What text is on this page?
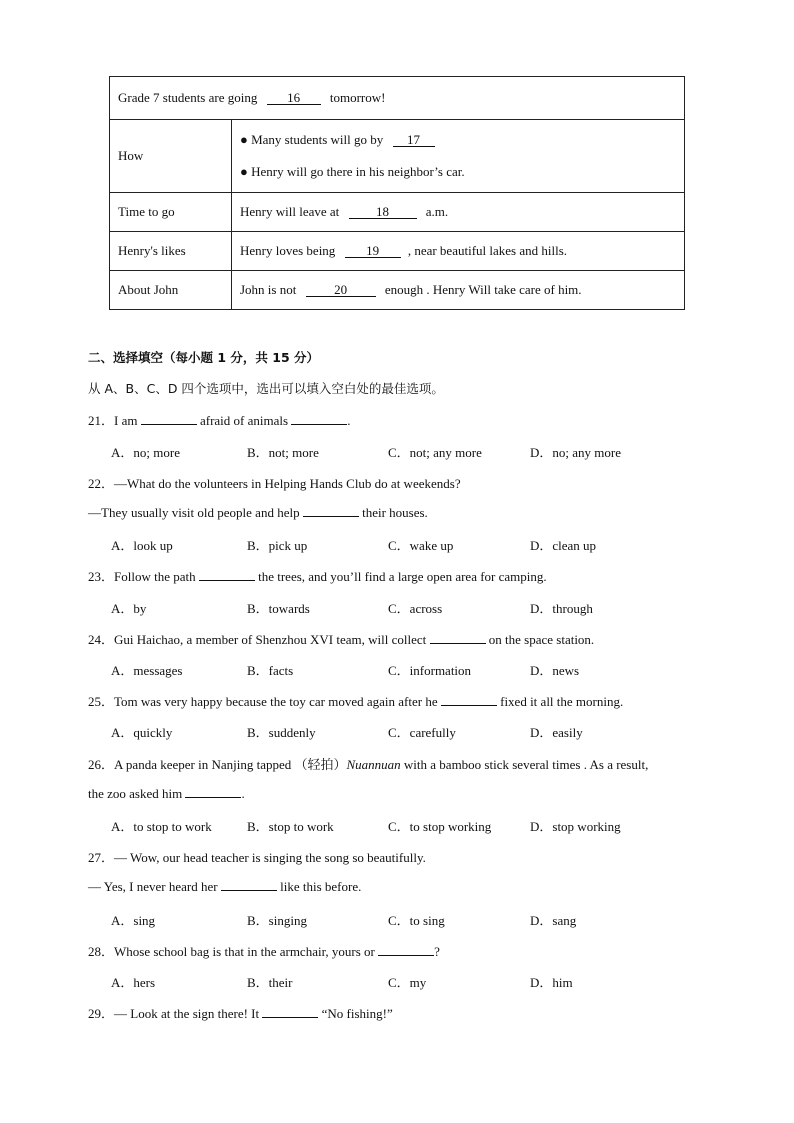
Grade 7 students are going 16 tomorrow!	
How	● Many students will go by 17
● Henry will go there in his neighbor’s car.

Time to go	Henry will leave at 18 a.m.
Henry's likes	Henry loves being 19 , near beautiful lakes and hills.
About John	John is not 20 enough . Henry Will take care of him.
二、选择填空（每小题 1 分，共 15 分）
从 A、B、C、D 四个选项中，选出可以填入空白处的最佳选项。
21．I am	afraid of animals	.
A．no; more	B．not; more	C．not; any more	D．no; any more
22．—What do the volunteers in Helping Hands Club do at weekends?
—They usually visit old people and help	their houses.
A．look up	B．pick up	C．wake up	D．clean up
23．Follow the path	the trees, and you’ll find a large open area for camping.
A．by	B．towards	C．across	D．through
24．Gui Haichao, a member of Shenzhou XVI team, will collect	on the space station.
A．messages	B．facts	C．information	D．news
25．Tom was very happy because the toy car moved again after he	fixed it all the morning.
A．quickly	B．suddenly	C．carefully	D．easily
26．A panda keeper in Nanjing tapped （轻拍）Nuannuan with a bamboo stick several times . As a result,
the zoo asked him	.
A．to stop to work	B．stop to work	C．to stop working	D．stop working
27．— Wow, our head teacher is singing the song so beautifully.
— Yes, I never heard her	like this before.
A．sing	B．singing	C．to sing	D．sang
28．Whose school bag is that in the armchair, yours or	?
A．hers	B．their	C．my	D．him
29．— Look at the sign there! It	“No fishing!”
